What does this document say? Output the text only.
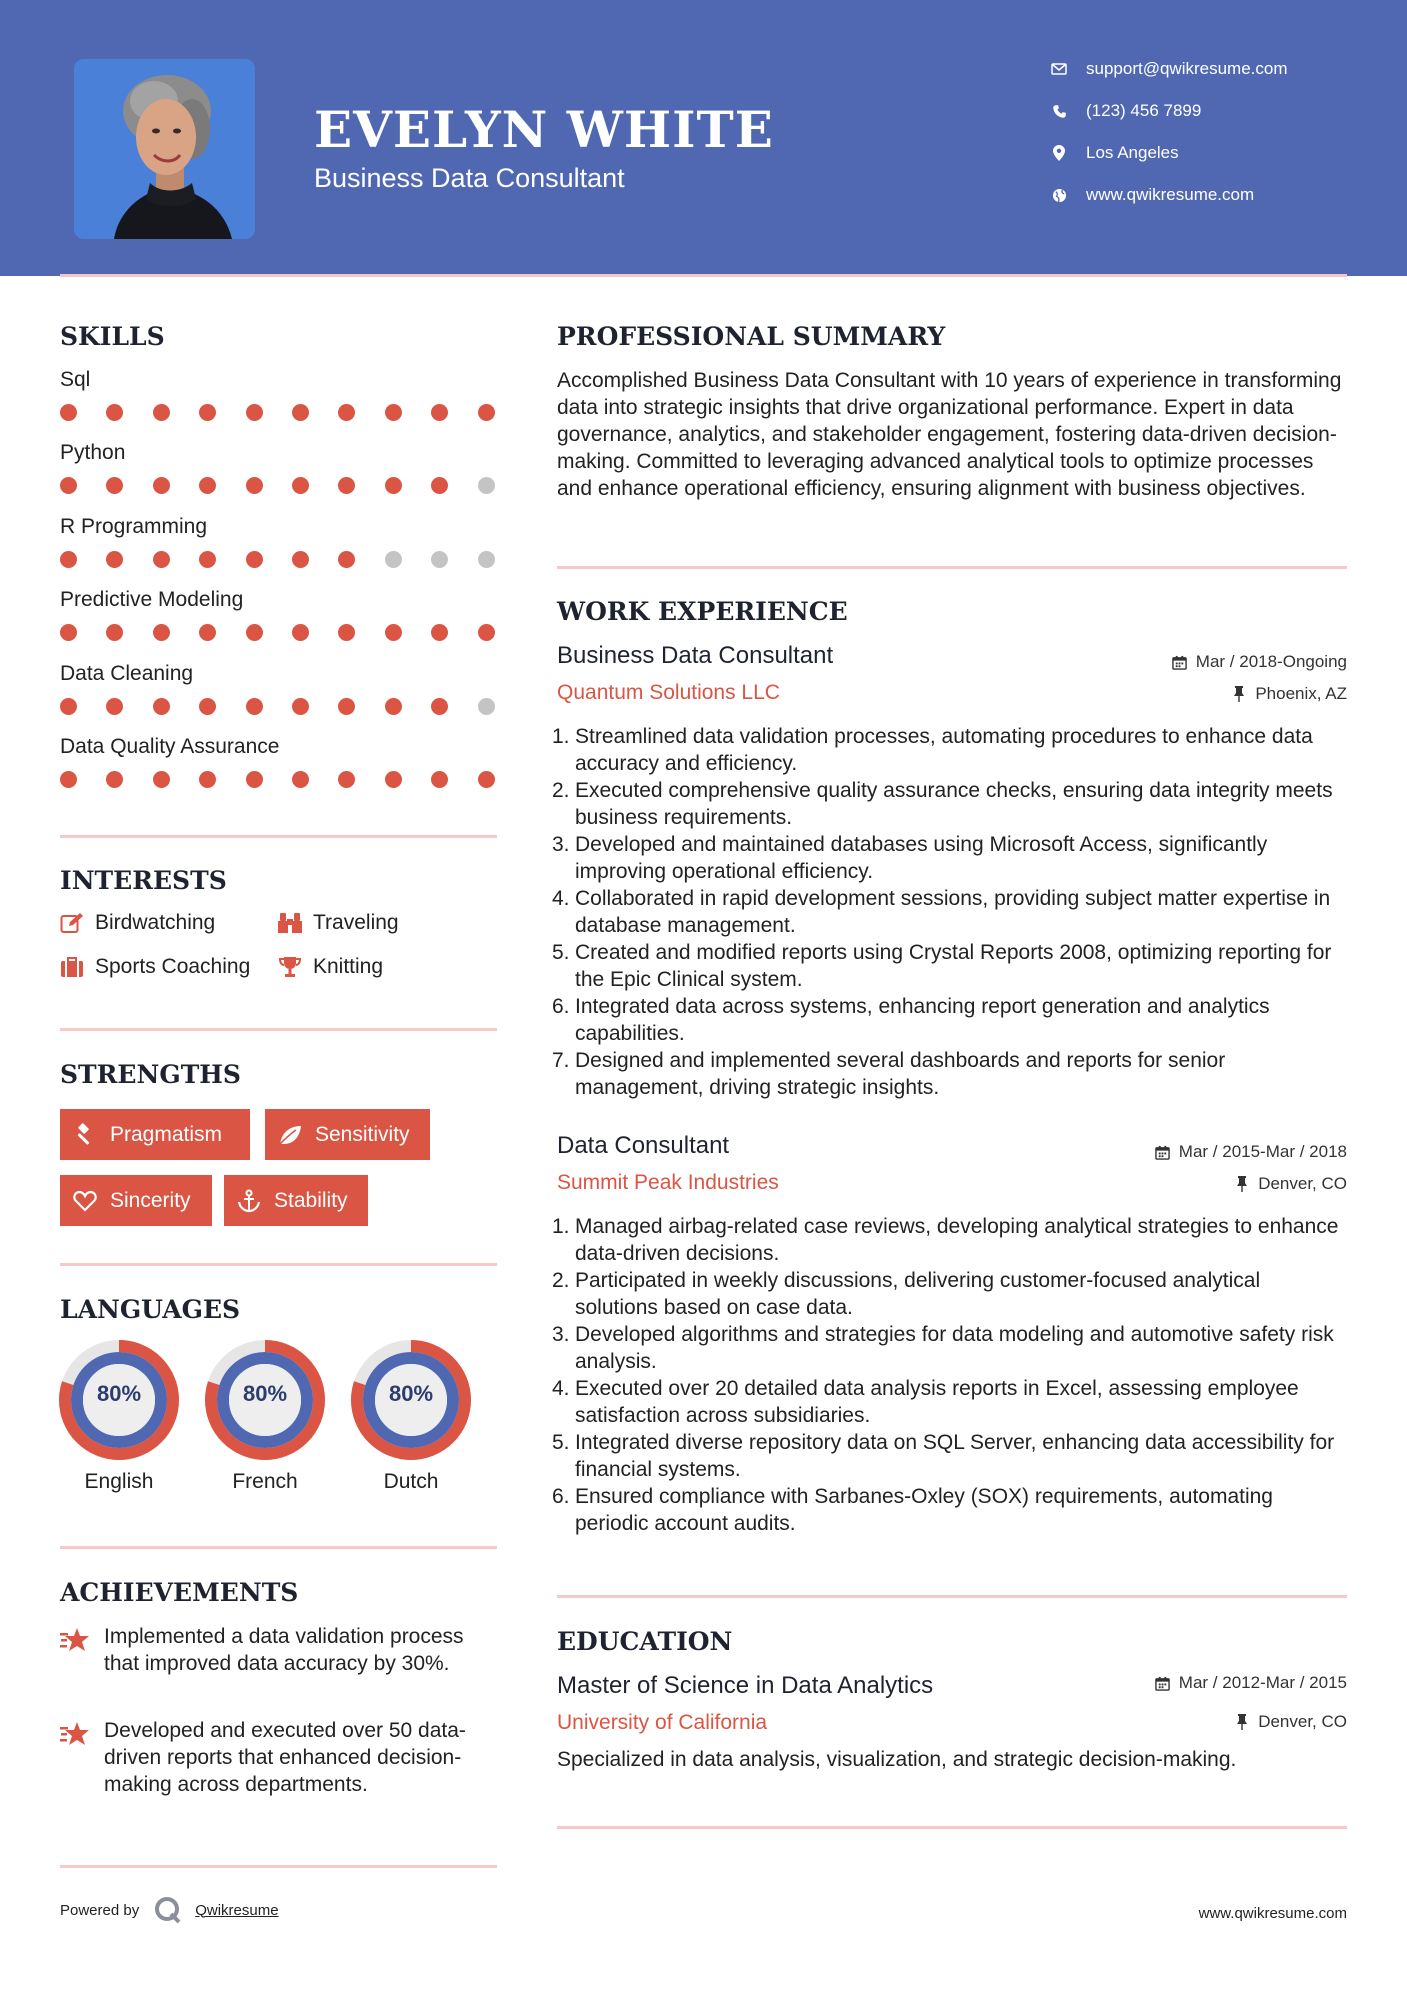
EVELYN WHITE
Business Data Consultant
support@qwikresume.com
(123) 456 7899
Los Angeles
www.qwikresume.com
SKILLS
Sql
Python
R Programming
Predictive Modeling
Data Cleaning
Data Quality Assurance
INTERESTS
Birdwatching	Traveling
Sports Coaching	Knitting
STRENGTHS
Pragmatism	Sensitivity
Sincerity	Stability
LANGUAGES
80%
English
80%
French
80%
Dutch
ACHIEVEMENTS
Implemented a data validation process that improved data accuracy by 30%.
Developed and executed over 50 data-driven reports that enhanced decision-making across departments.
PROFESSIONAL SUMMARY
Accomplished Business Data Consultant with 10 years of experience in transforming data into strategic insights that drive organizational performance. Expert in data governance, analytics, and stakeholder engagement, fostering data-driven decision-making. Committed to leveraging advanced analytical tools to optimize processes and enhance operational efficiency, ensuring alignment with business objectives.
WORK EXPERIENCE
Business Data Consultant	Mar / 2018-Ongoing
Quantum Solutions LLC	Phoenix, AZ
1. Streamlined data validation processes, automating procedures to enhance data accuracy and efficiency.
2. Executed comprehensive quality assurance checks, ensuring data integrity meets business requirements.
3. Developed and maintained databases using Microsoft Access, significantly improving operational efficiency.
4. Collaborated in rapid development sessions, providing subject matter expertise in database management.
5. Created and modified reports using Crystal Reports 2008, optimizing reporting for the Epic Clinical system.
6. Integrated data across systems, enhancing report generation and analytics capabilities.
7. Designed and implemented several dashboards and reports for senior management, driving strategic insights.
Data Consultant	Mar / 2015-Mar / 2018
Summit Peak Industries	Denver, CO
1. Managed airbag-related case reviews, developing analytical strategies to enhance data-driven decisions.
2. Participated in weekly discussions, delivering customer-focused analytical solutions based on case data.
3. Developed algorithms and strategies for data modeling and automotive safety risk analysis.
4. Executed over 20 detailed data analysis reports in Excel, assessing employee satisfaction across subsidiaries.
5. Integrated diverse repository data on SQL Server, enhancing data accessibility for financial systems.
6. Ensured compliance with Sarbanes-Oxley (SOX) requirements, automating periodic account audits.
EDUCATION
Master of Science in Data Analytics	Mar / 2012-Mar / 2015
University of California	Denver, CO
Specialized in data analysis, visualization, and strategic decision-making.
Powered by	Qwikresume	www.qwikresume.com
